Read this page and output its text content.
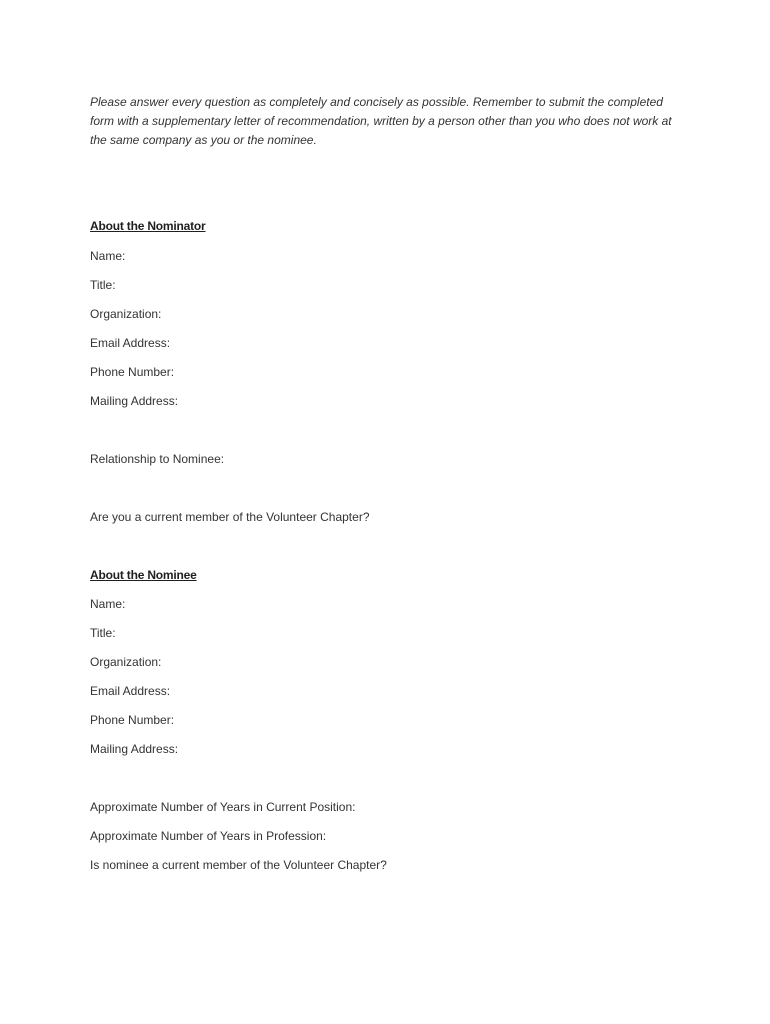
Please answer every question as completely and concisely as possible. Remember to submit the completed form with a supplementary letter of recommendation, written by a person other than you who does not work at the same company as you or the nominee.
About the Nominator
Name:
Title:
Organization:
Email Address:
Phone Number:
Mailing Address:
Relationship to Nominee:
Are you a current member of the Volunteer Chapter?
About the Nominee
Name:
Title:
Organization:
Email Address:
Phone Number:
Mailing Address:
Approximate Number of Years in Current Position:
Approximate Number of Years in Profession:
Is nominee a current member of the Volunteer Chapter?
